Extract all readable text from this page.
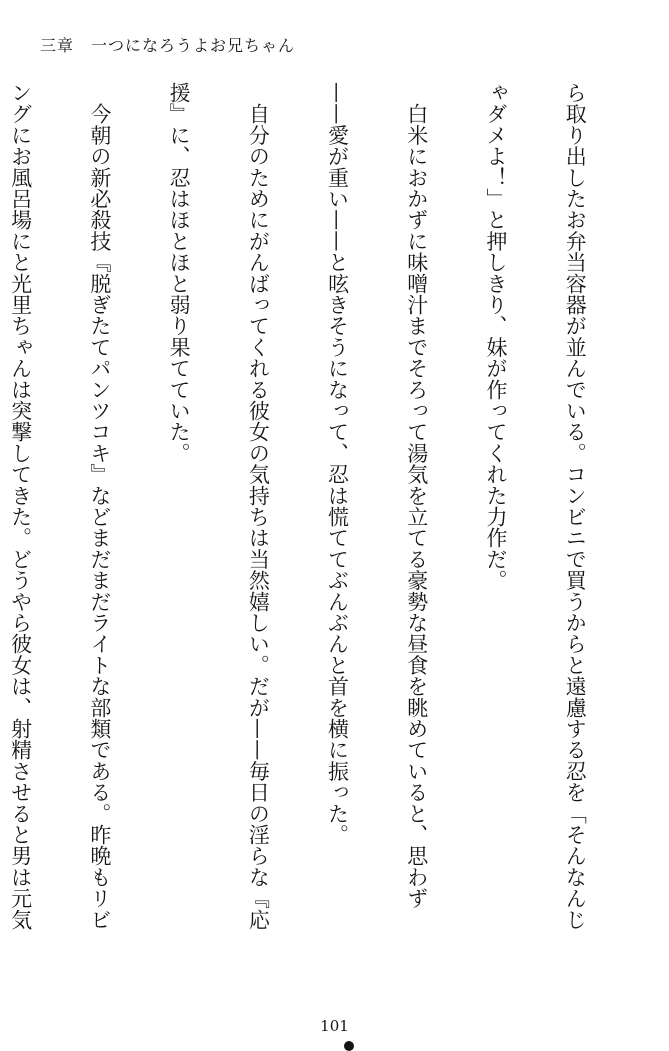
三章　一つになろうよお兄ちゃん

ら取り出したお弁当容器が並んでいる。コンビニで買うからと遠慮する忍を「そんなんじ

ゃダメよ！」と押しきり、妹が作ってくれた力作だ。

　白米におかずに味噌汁までそろって湯気を立てる豪勢な昼食を眺めていると、思わず

——愛が重い——と呟きそうになって、忍は慌ててぶんぶんと首を横に振った。

　自分のためにがんばってくれる彼女の気持ちは当然嬉しい。だが——毎日の淫らな『応

援』に、忍はほとほと弱り果てていた。

　今朝の新必殺技『脱ぎたてパンツコキ』などまだまだライトな部類である。昨晩もリビ

ングにお風呂場にと光里ちゃんは突撃してきた。どうやら彼女は、射精させると男は元気

101
